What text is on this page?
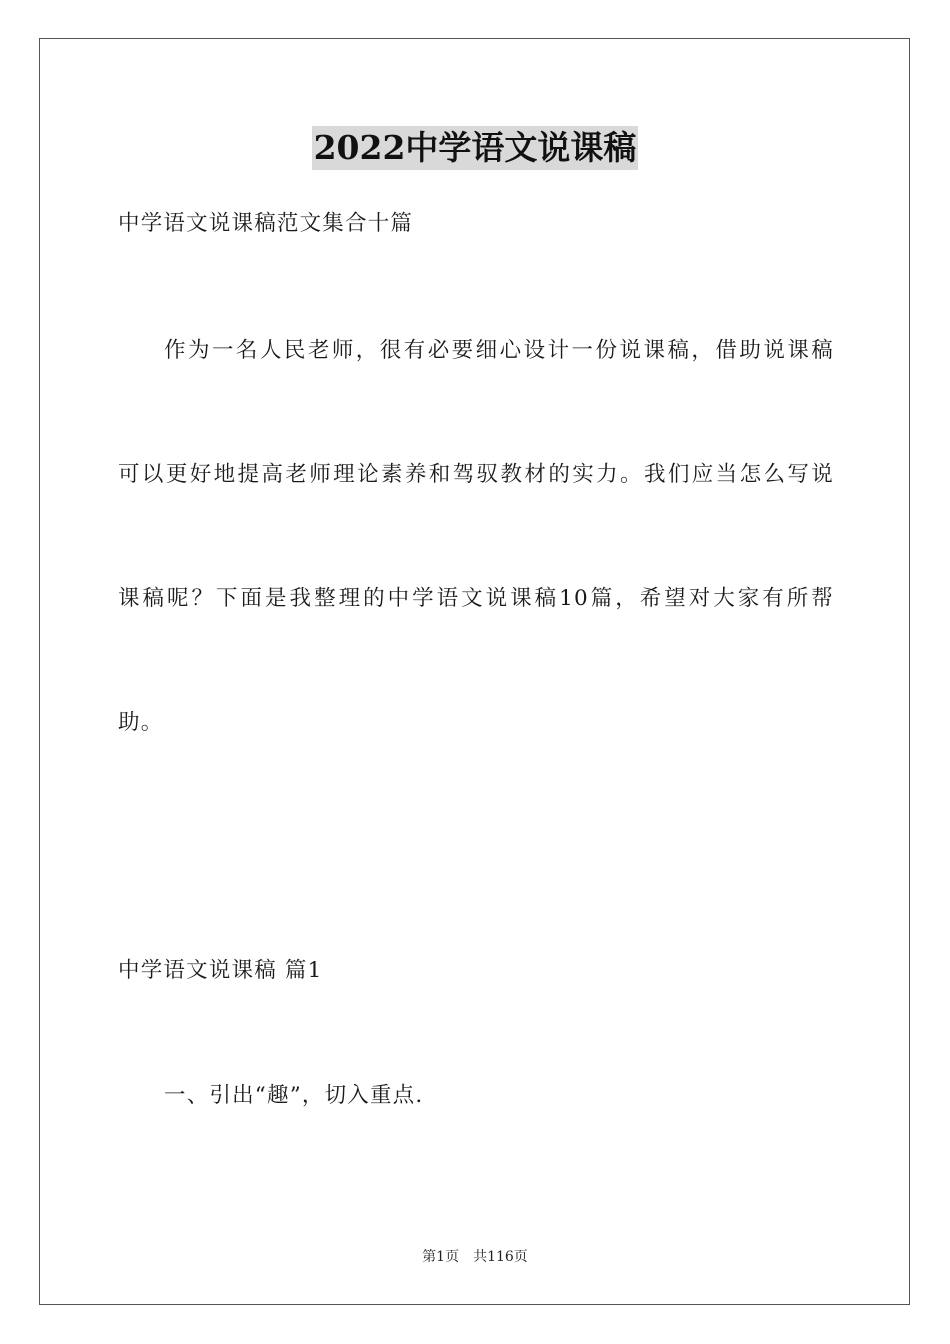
2022中学语文说课稿
中学语文说课稿范文集合十篇
作为一名人民老师，很有必要细心设计一份说课稿，借助说课稿
可以更好地提高老师理论素养和驾驭教材的实力。我们应当怎么写说
课稿呢？下面是我整理的中学语文说课稿10篇，希望对大家有所帮
助。
中学语文说课稿 篇1
一、引出“趣”，切入重点.
第1页　共116页
